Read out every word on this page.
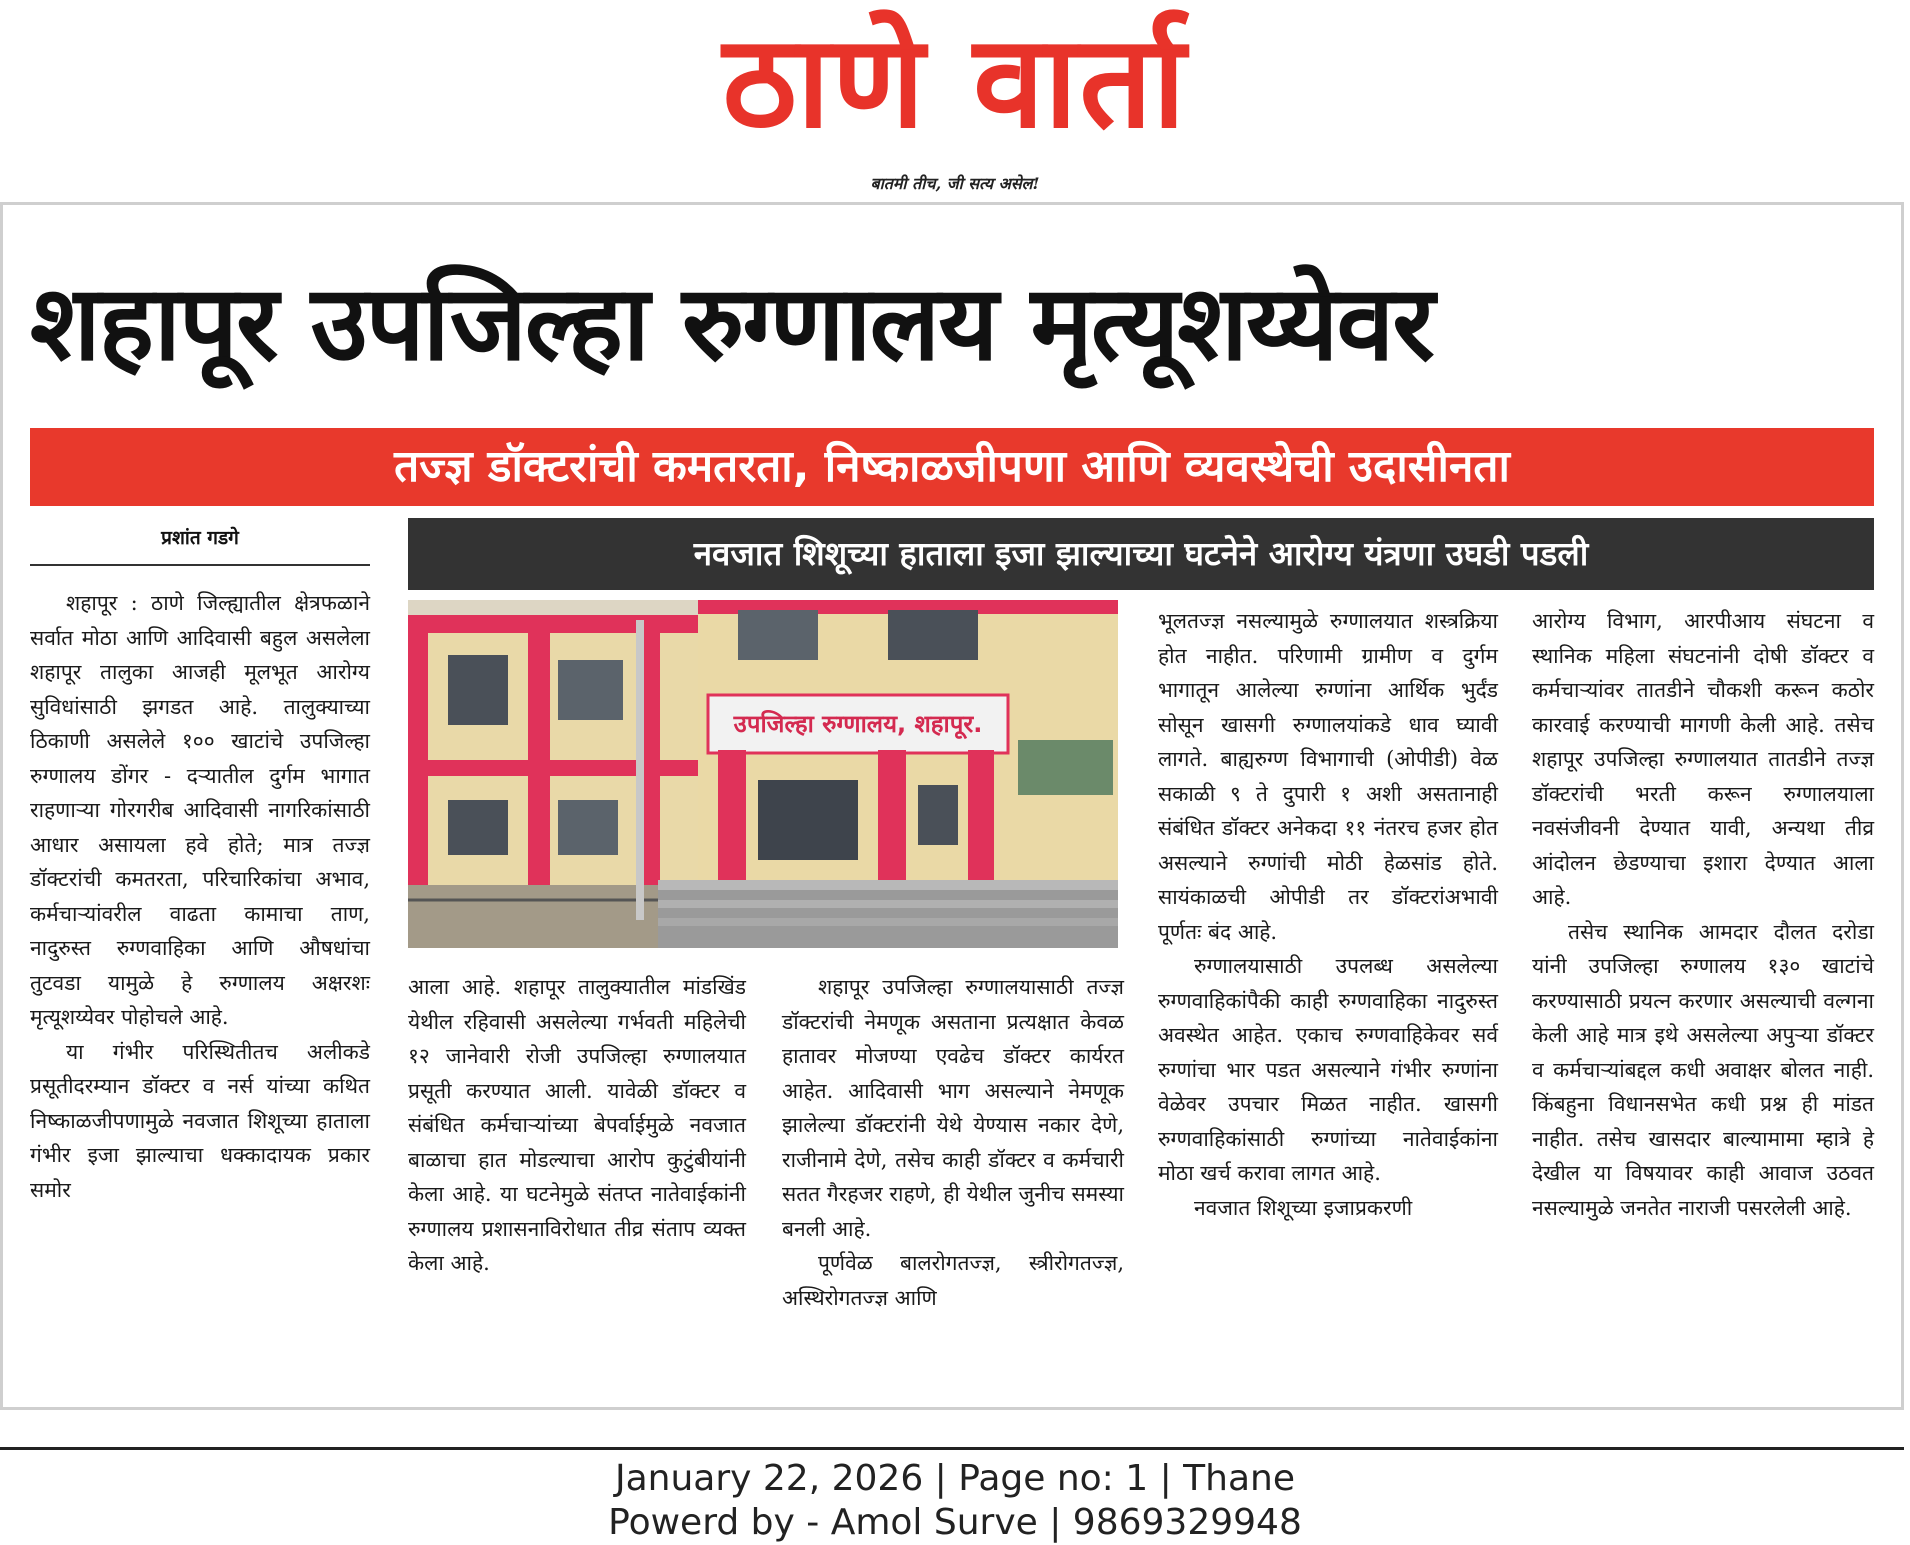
ठाणे वार्ता
बातमी तीच, जी सत्य असेल!
शहापूर उपजिल्हा रुग्णालय मृत्यूशय्येवर
तज्ज्ञ डॉक्टरांची कमतरता, निष्काळजीपणा आणि व्यवस्थेची उदासीनता
प्रशांत गडगे	नवजात शिशूच्या हाताला इजा झाल्याच्या घटनेने आरोग्य यंत्रणा उघडी पडली
उपजिल्हा रुग्णालय, शहापूर.

शहापूर : ठाणे जिल्ह्यातील क्षेत्रफळाने सर्वात मोठा आणि आदिवासी बहुल असलेला शहापूर तालुका आजही मूलभूत आरोग्य सुविधांसाठी झगडत आहे. तालुक्याच्या ठिकाणी असलेले १०० खाटांचे उपजिल्हा रुग्णालय डोंगर - दऱ्यातील दुर्गम भागात राहणाऱ्या गोरगरीब आदिवासी नागरिकांसाठी आधार असायला हवे होते; मात्र तज्ज्ञ डॉक्टरांची कमतरता, परिचारिकांचा अभाव, कर्मचाऱ्यांवरील वाढता कामाचा ताण, नादुरुस्त रुग्णवाहिका आणि औषधांचा तुटवडा यामुळे हे रुग्णालय अक्षरशः मृत्यूशय्येवर पोहोचले आहे.

या गंभीर परिस्थितीतच अलीकडे प्रसूतीदरम्यान डॉक्टर व नर्स यांच्या कथित निष्काळजीपणामुळे नवजात शिशूच्या हाताला गंभीर इजा झाल्याचा धक्कादायक प्रकार समोर

आला आहे. शहापूर तालुक्यातील मांडखिंड येथील रहिवासी असलेल्या गर्भवती महिलेची १२ जानेवारी रोजी उपजिल्हा रुग्णालयात प्रसूती करण्यात आली. यावेळी डॉक्टर व संबंधित कर्मचाऱ्यांच्या बेपर्वाईमुळे नवजात बाळाचा हात मोडल्याचा आरोप कुटुंबीयांनी केला आहे. या घटनेमुळे संतप्त नातेवाईकांनी रुग्णालय प्रशासनाविरोधात तीव्र संताप व्यक्त केला आहे.

शहापूर उपजिल्हा रुग्णालयासाठी तज्ज्ञ डॉक्टरांची नेमणूक असताना प्रत्यक्षात केवळ हातावर मोजण्या एवढेच डॉक्टर कार्यरत आहेत. आदिवासी भाग असल्याने नेमणूक झालेल्या डॉक्टरांनी येथे येण्यास नकार देणे, राजीनामे देणे, तसेच काही डॉक्टर व कर्मचारी सतत गैरहजर राहणे, ही येथील जुनीच समस्या बनली आहे.

पूर्णवेळ बालरोगतज्ज्ञ, स्त्रीरोगतज्ज्ञ, अस्थिरोगतज्ज्ञ आणि

भूलतज्ज्ञ नसल्यामुळे रुग्णालयात शस्त्रक्रिया होत नाहीत. परिणामी ग्रामीण व दुर्गम भागातून आलेल्या रुग्णांना आर्थिक भुर्दंड सोसून खासगी रुग्णालयांकडे धाव घ्यावी लागते. बाह्यरुग्ण विभागाची (ओपीडी) वेळ सकाळी ९ ते दुपारी १ अशी असतानाही संबंधित डॉक्टर अनेकदा ११ नंतरच हजर होत असल्याने रुग्णांची मोठी हेळसांड होते. सायंकाळची ओपीडी तर डॉक्टरांअभावी पूर्णतः बंद आहे.

रुग्णालयासाठी उपलब्ध असलेल्या रुग्णवाहिकांपैकी काही रुग्णवाहिका नादुरुस्त अवस्थेत आहेत. एकाच रुग्णवाहिकेवर सर्व रुग्णांचा भार पडत असल्याने गंभीर रुग्णांना वेळेवर उपचार मिळत नाहीत. खासगी रुग्णवाहिकांसाठी रुग्णांच्या नातेवाईकांना मोठा खर्च करावा लागत आहे.

नवजात शिशूच्या इजाप्रकरणी

आरोग्य विभाग, आरपीआय संघटना व स्थानिक महिला संघटनांनी दोषी डॉक्टर व कर्मचाऱ्यांवर तातडीने चौकशी करून कठोर कारवाई करण्याची मागणी केली आहे. तसेच शहापूर उपजिल्हा रुग्णालयात तातडीने तज्ज्ञ डॉक्टरांची भरती करून रुग्णालयाला नवसंजीवनी देण्यात यावी, अन्यथा तीव्र आंदोलन छेडण्याचा इशारा देण्यात आला आहे.

तसेच स्थानिक आमदार दौलत दरोडा यांनी उपजिल्हा रुग्णालय १३० खाटांचे करण्यासाठी प्रयत्न करणार असल्याची वल्गना केली आहे मात्र इथे असलेल्या अपुऱ्या डॉक्टर व कर्मचाऱ्यांबद्दल कधी अवाक्षर बोलत नाही. किंबहुना विधानसभेत कधी प्रश्न ही मांडत नाहीत. तसेच खासदार बाल्यामामा म्हात्रे हे देखील या विषयावर काही आवाज उठवत नसल्यामुळे जनतेत नाराजी पसरलेली आहे.

January 22, 2026 | Page no: 1 | Thane
Powerd by - Amol Surve | 9869329948
